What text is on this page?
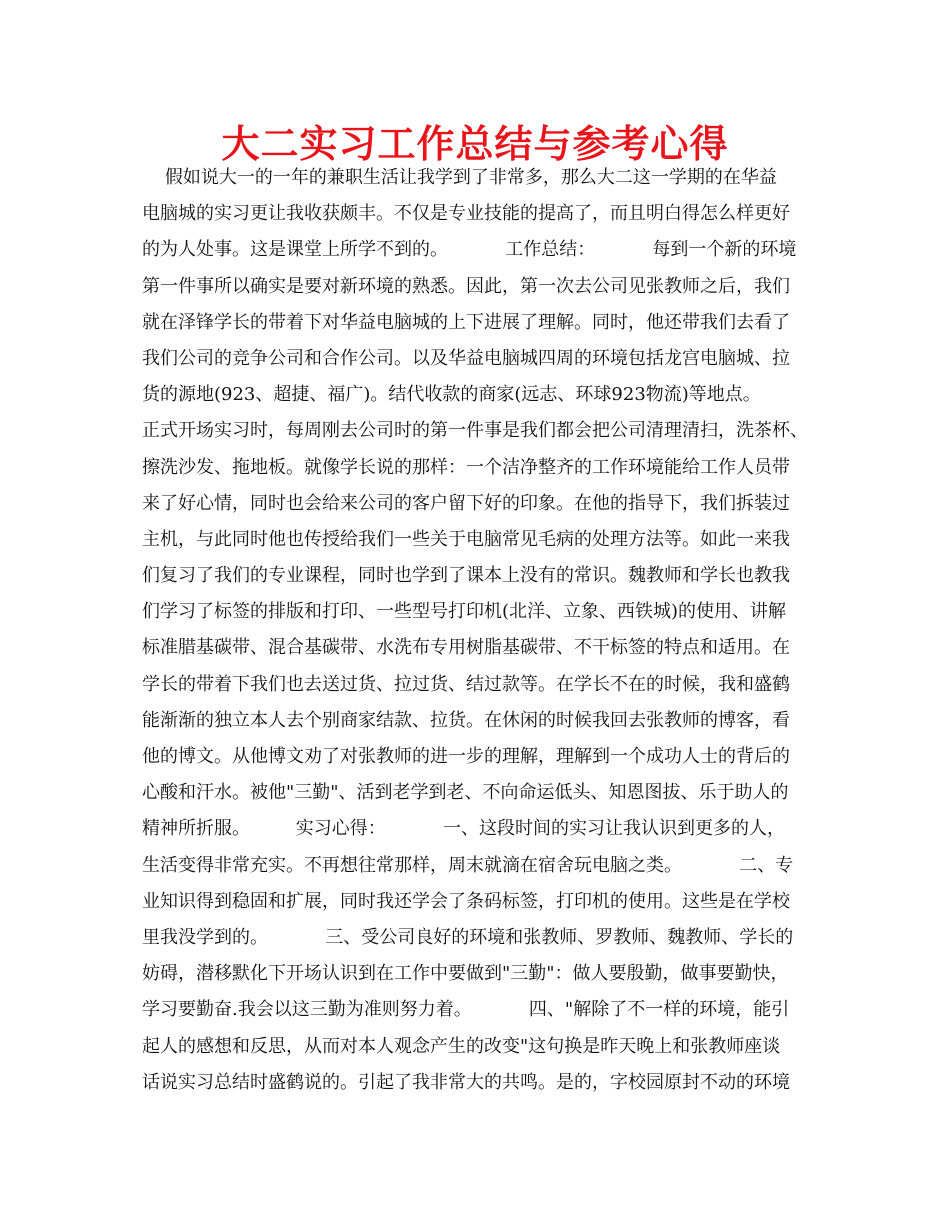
大二实习工作总结与参考心得

假如说大一的一年的兼职生活让我学到了非常多，那么大二这一学期的在华益

电脑城的实习更让我收获颇丰。不仅是专业技能的提高了，而且明白得怎么样更好

的为人处事。这是课堂上所学不到的。          工作总结：          每到一个新的环境

第一件事所以确实是要对新环境的熟悉。因此，第一次去公司见张教师之后，我们

就在泽锋学长的带着下对华益电脑城的上下进展了理解。同时，他还带我们去看了

我们公司的竞争公司和合作公司。以及华益电脑城四周的环境包括龙宫电脑城、拉

货的源地(923、超捷、福广)。结代收款的商家(远志、环球923物流)等地点。

正式开场实习时，每周刚去公司时的第一件事是我们都会把公司清理清扫，洗茶杯、

擦洗沙发、拖地板。就像学长说的那样：一个洁净整齐的工作环境能给工作人员带

来了好心情，同时也会给来公司的客户留下好的印象。在他的指导下，我们拆装过

主机，与此同时他也传授给我们一些关于电脑常见毛病的处理方法等。如此一来我

们复习了我们的专业课程，同时也学到了课本上没有的常识。魏教师和学长也教我

们学习了标签的排版和打印、一些型号打印机(北洋、立象、西铁城)的使用、讲解

标准腊基碳带、混合基碳带、水洗布专用树脂基碳带、不干标签的特点和适用。在

学长的带着下我们也去送过货、拉过货、结过款等。在学长不在的时候，我和盛鹤

能渐渐的独立本人去个别商家结款、拉货。在休闲的时候我回去张教师的博客，看

他的博文。从他博文劝了对张教师的进一步的理解，理解到一个成功人士的背后的

心酸和汗水。被他"三勤"、活到老学到老、不向命运低头、知恩图拔、乐于助人的

精神所折服。        实习心得：          一、这段时间的实习让我认识到更多的人，

生活变得非常充实。不再想往常那样，周末就滴在宿舍玩电脑之类。          二、专

业知识得到稳固和扩展，同时我还学会了条码标签，打印机的使用。这些是在学校

里我没学到的。          三、受公司良好的环境和张教师、罗教师、魏教师、学长的

妨碍，潜移默化下开场认识到在工作中要做到"三勤"：做人要殷勤，做事要勤快，

学习要勤奋.我会以这三勤为准则努力着。          四、"解除了不一样的环境，能引

起人的感想和反思，从而对本人观念产生的改变"这句换是昨天晚上和张教师座谈

话说实习总结时盛鹤说的。引起了我非常大的共鸣。是的，字校园原封不动的环境
